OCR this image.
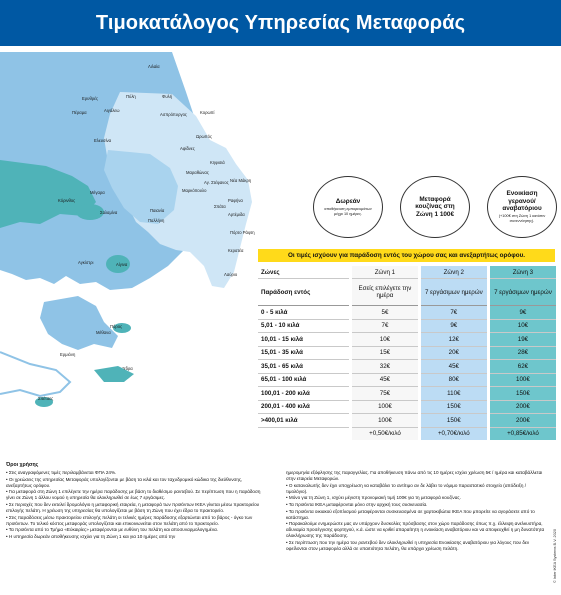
Τιμοκατάλογος Υπηρεσίας Μεταφοράς
Λιλαία
Ερυθρές	Πύλη	Φυλή
Αιγάλεω
Πέραμα	Ασπρόπυργος	Κορωπί
Ελευσίνα
Ωρωπός
Αφίδνες
Κηφισιά
Μαραθώνας
Αγ. Στέφανος Νέα Μάκρη
Μαρκόπουλο
Ραφήνα
Σπάτα
Αρτέμιδα
Παιανία
Παλλήνη
Πόρτο Ράφτη
Κερατέα
Λαύριο
Αγκίστρι	Αίγινα
Ύδρα
Πόρος
Σαλαμίνα
Μέγαρα
Ερμιόνη
Μέθανα
Σπέτσες
Κόρινθος	Δωρεάν
αποθήκευση εμπορευμάτων μέχρι 10 ημέρες.
Μεταφορά κουζίνας στη Ζώνη 1 100€
Ενοικίαση γερανού/ αναβατόριου
(+100€ στη Ζώνη 1 κατόπιν συνεννόησης).
Οι τιμές ισχύουν για παράδοση εντός του χώρου σας και ανεξαρτήτως ορόφου.
Ζώνες	Ζώνη 1	Ζώνη 2	Ζώνη 3
Παράδοση εντός	Εσείς επιλέγετε την ημέρα	7 εργάσιμων ημερών	7 εργάσιμων ημερών
0 - 5 κιλά	5€	7€	9€
5,01 - 10 κιλά	7€	9€	10€
10,01 - 15 κιλά	10€	12€	19€
15,01 - 35 κιλά	15€	20€	28€
35,01 - 65 κιλά	32€	45€	62€
65,01 - 100 κιλά	45€	80€	100€
100,01 - 200 κιλά	75€	110€	150€
200,01 - 400 κιλά	100€	150€	200€
>400,01 κιλά	100€	150€	200€
	+0,50€/κιλό	+0,70€/κιλό	+0,85€/κιλό
Όροι χρήσης

• Στις αναγραφόμενες τιμές περιλαμβάνεται ΦΠΑ 24%.

• Οι χρεώσεις της υπηρεσίας Μεταφοράς υπολογίζονται με βάση τα κιλά και τον ταχυδρομικό κώδικα της διεύθυνσης, ανεξαρτήτως ορόφου.

• Για μεταφορά στη Ζώνη 1 επιλέγετε την ημέρα παράδοσης με βάση το διαθέσιμο ραντεβού. Σε περίπτωση που η παράδοση γίνει σε Ζώνη 1 άλλου νομού η υπηρεσία θα ολοκληρωθεί σε έως 7 εργάσιμες.

• Σε περιοχές που δεν εκτελεί δρομολόγιο η μεταφορική εταιρεία, η μεταφορά των προϊόντων ΙΚΕΑ γίνεται μέσω πρακτορείου επιλογής πελάτη. Η χρέωση της υπηρεσίας θα υπολογίζεται με βάση τη Ζώνη που έχει έδρα το πρακτορείο.

• Στις παραδόσεις μέσω πρακτορείου επιλογής πελάτη οι τελικές ημέρες παράδοσης εξαρτώνται από το βάρος - όγκο των προϊόντων. Το τελικό κόστος μεταφοράς υπολογίζεται και επικοινωνείται στον πελάτη από το πρακτορείο.

• Τα προϊόντα από το Τμήμα «Εύκαιρίες» μεταφέρονται με ευθύνη του πελάτη και αποσυναρμολογημένα.

• Η υπηρεσία δωρεάν αποθήκευσης ισχύει για τη Ζώνη 1 και για 10 ημέρες από την

ημερομηνία εξόφλησης της παραγγελίας. Για αποθήκευση πάνω από τις 10 ημέρες ισχύει χρέωση 5€ / ημέρα και καταβάλλεται στην εταιρεία Μεταφορών.

• Ο καταναλωτής δεν έχει υποχρέωση να καταβάλει το αντίτιμο αν δε λάβει το νόμιμο παραστατικό στοιχείο (απόδειξη / τιμολόγιο).

• Μόνο για τη Ζώνη 1, ισχύει μέγιστη προνομιακή τιμή 100€ για τη μεταφορά κουζίνας.

• Τα προϊόντα ΙΚΕΑ μεταφέρονται μόνο στην αρχική τους συσκευασία.

• Τα προϊόντα οικιακού εξοπλισμού μεταφέρονται συσκευασμένα σε χαρτοκιβώτια ΙΚΕΑ που μπορείτε να αγοράσετε από το κατάστημα.

• Παρακαλούμε ενημερώστε μας αν υπάρχουν δυσκολίες πρόσβασης στον χώρο παράδοσης όπως π.χ. έλλειψη ανελκυστήρα, αδυναμία προσέγγισης φορτηγού, κ.ά. ώστε να κριθεί απαραίτητη η ενοικίαση αναβατόριου και να αποφευχθεί η μη δυνατότητα ολοκλήρωσης της παράδοσης.

• Σε περίπτωση που την ημέρα του ραντεβού δεν ολοκληρωθεί η υπηρεσία Ενοικίασης αναβατόριου για λόγους που δεν οφείλονται στον μεταφορέα αλλά σε υπαιτιότητα πελάτη, θα υπάρχει χρέωση πελάτη.	© Inter IKEA Systems B.V. 2020
